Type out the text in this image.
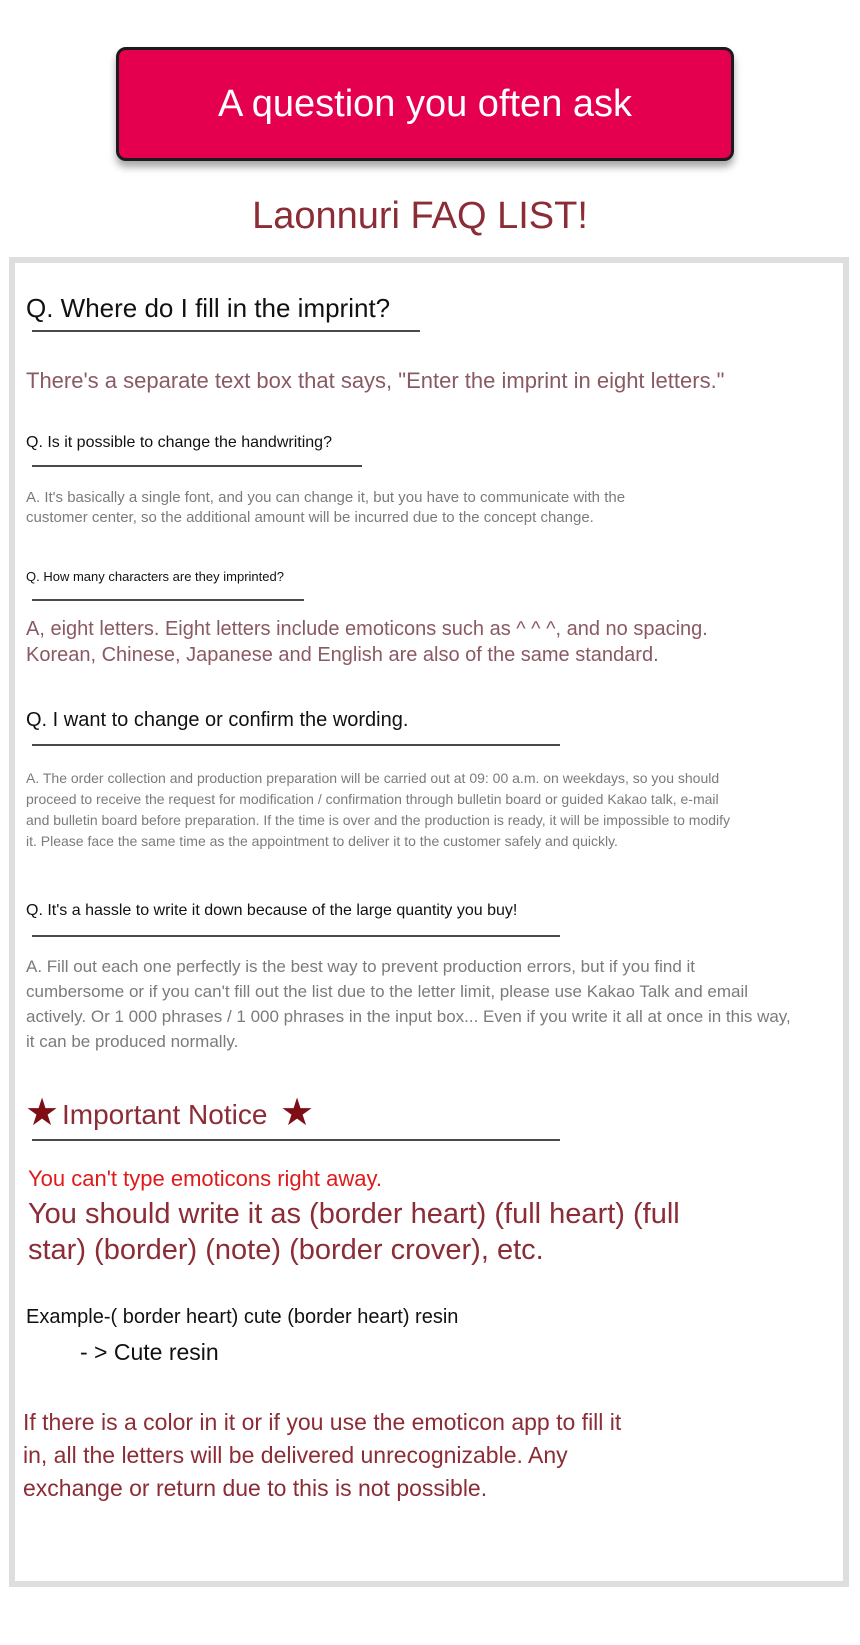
A question you often ask
Laonnuri FAQ LIST!

Q. Where do I fill in the imprint?

There's a separate text box that says, "Enter the imprint in eight letters."

Q. Is it possible to change the handwriting?

A. It's basically a single font, and you can change it, but you have to communicate with the
customer center, so the additional amount will be incurred due to the concept change.

Q. How many characters are they imprinted?

A, eight letters. Eight letters include emoticons such as ^ ^ ^, and no spacing.
Korean, Chinese, Japanese and English are also of the same standard.

Q. I want to change or confirm the wording.

A. The order collection and production preparation will be carried out at 09: 00 a.m. on weekdays, so you should
proceed to receive the request for modification / confirmation through bulletin board or guided Kakao talk, e-mail
and bulletin board before preparation. If the time is over and the production is ready, it will be impossible to modify
it. Please face the same time as the appointment to deliver it to the customer safely and quickly.

Q. It's a hassle to write it down because of the large quantity you buy!

A. Fill out each one perfectly is the best way to prevent production errors, but if you find it
cumbersome or if you can't fill out the list due to the letter limit, please use Kakao Talk and email
actively. Or 1 000 phrases / 1 000 phrases in the input box... Even if you write it all at once in this way,
it can be produced normally.

★ Important Notice ★

You can't type emoticons right away.

You should write it as (border heart) (full heart) (full
star) (border) (note) (border crover), etc.

Example-( border heart) cute (border heart) resin

- > Cute resin

If there is a color in it or if you use the emoticon app to fill it
in, all the letters will be delivered unrecognizable. Any
exchange or return due to this is not possible.
